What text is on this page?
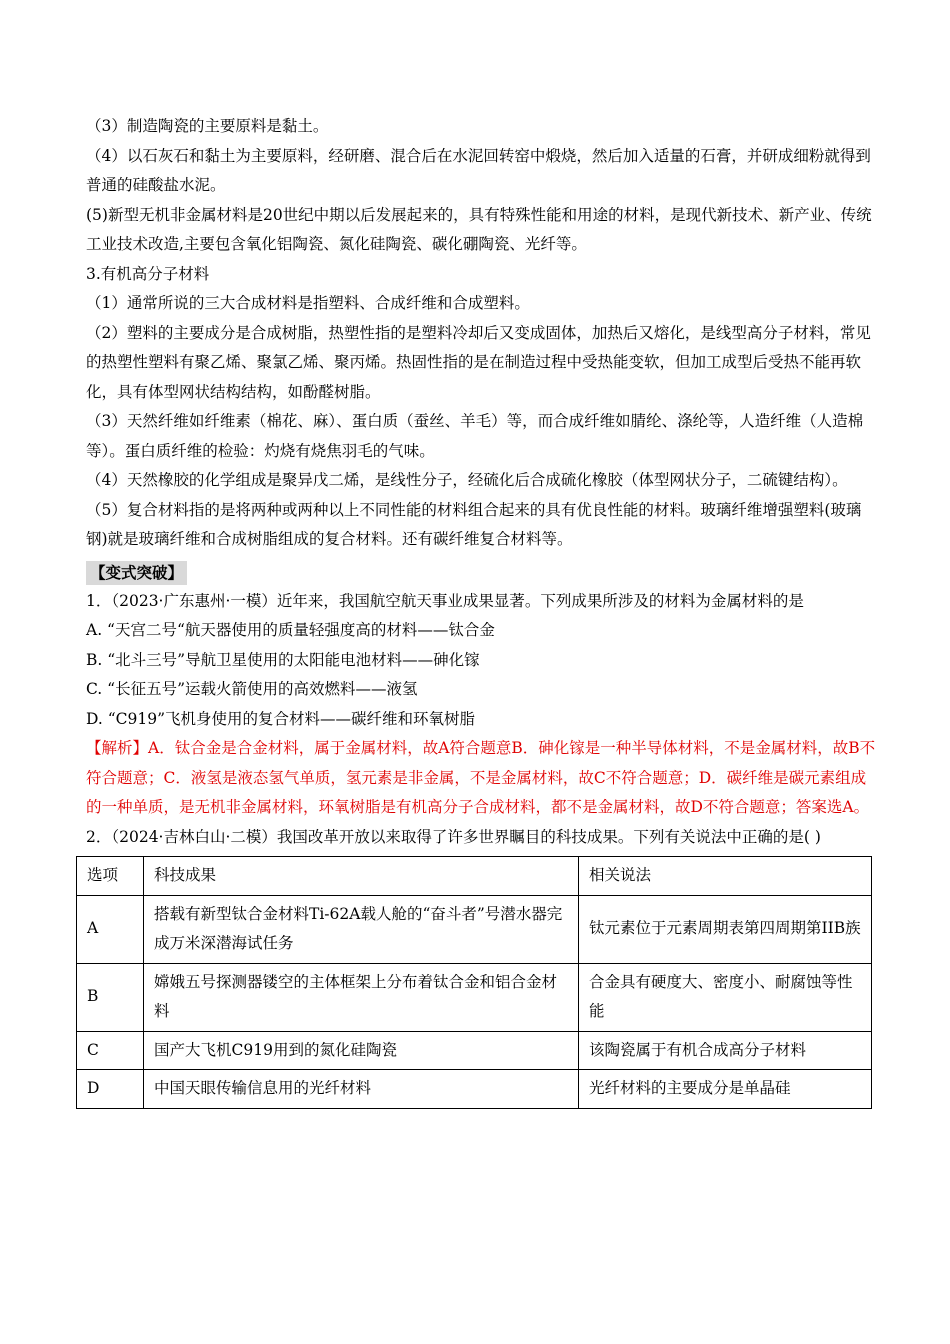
（3）制造陶瓷的主要原料是黏土。

（4）以石灰石和黏土为主要原料，经研磨、混合后在水泥回转窑中煅烧，然后加入适量的石膏，并研成细粉就得到普通的硅酸盐水泥。

(5)新型无机非金属材料是20世纪中期以后发展起来的，具有特殊性能和用途的材料，是现代新技术、新产业、传统工业技术改造,主要包含氧化铝陶瓷、氮化硅陶瓷、碳化硼陶瓷、光纤等。

3.有机高分子材料

（1）通常所说的三大合成材料是指塑料、合成纤维和合成塑料。

（2）塑料的主要成分是合成树脂，热塑性指的是塑料冷却后又变成固体，加热后又熔化，是线型高分子材料，常见的热塑性塑料有聚乙烯、聚氯乙烯、聚丙烯。热固性指的是在制造过程中受热能变软，但加工成型后受热不能再软化，具有体型网状结构结构，如酚醛树脂。

（3）天然纤维如纤维素（棉花、麻）、蛋白质（蚕丝、羊毛）等，而合成纤维如腈纶、涤纶等，人造纤维（人造棉等）。蛋白质纤维的检验：灼烧有烧焦羽毛的气味。

（4）天然橡胶的化学组成是聚异戊二烯，是线性分子，经硫化后合成硫化橡胶（体型网状分子，二硫键结构）。

（5）复合材料指的是将两种或两种以上不同性能的材料组合起来的具有优良性能的材料。玻璃纤维增强塑料(玻璃钢)就是玻璃纤维和合成树脂组成的复合材料。还有碳纤维复合材料等。

【变式突破】

1．（2023·广东惠州·一模）近年来，我国航空航天事业成果显著。下列成果所涉及的材料为金属材料的是

A. “天宫二号“航天器使用的质量轻强度高的材料——钛合金

B. “北斗三号”导航卫星使用的太阳能电池材料——砷化镓

C. “长征五号”运载火箭使用的高效燃料——液氢

D. “C919”飞机身使用的复合材料——碳纤维和环氧树脂

【解析】A．钛合金是合金材料，属于金属材料，故A符合题意B．砷化镓是一种半导体材料，不是金属材料，故B不符合题意；C．液氢是液态氢气单质，氢元素是非金属，不是金属材料，故C不符合题意；D．碳纤维是碳元素组成的一种单质，是无机非金属材料，环氧树脂是有机高分子合成材料，都不是金属材料，故D不符合题意；答案选A。

2．（2024·吉林白山·二模）我国改革开放以来取得了许多世界瞩目的科技成果。下列有关说法中正确的是( )

选项	科技成果	相关说法
A	搭载有新型钛合金材料Ti-62A载人舱的“奋斗者”号潜水器完成万米深潜海试任务	钛元素位于元素周期表第四周期第IIB族
B	嫦娥五号探测器镂空的主体框架上分布着钛合金和铝合金材料	合金具有硬度大、密度小、耐腐蚀等性能
C	国产大飞机C919用到的氮化硅陶瓷	该陶瓷属于有机合成高分子材料
D	中国天眼传输信息用的光纤材料	光纤材料的主要成分是单晶硅
